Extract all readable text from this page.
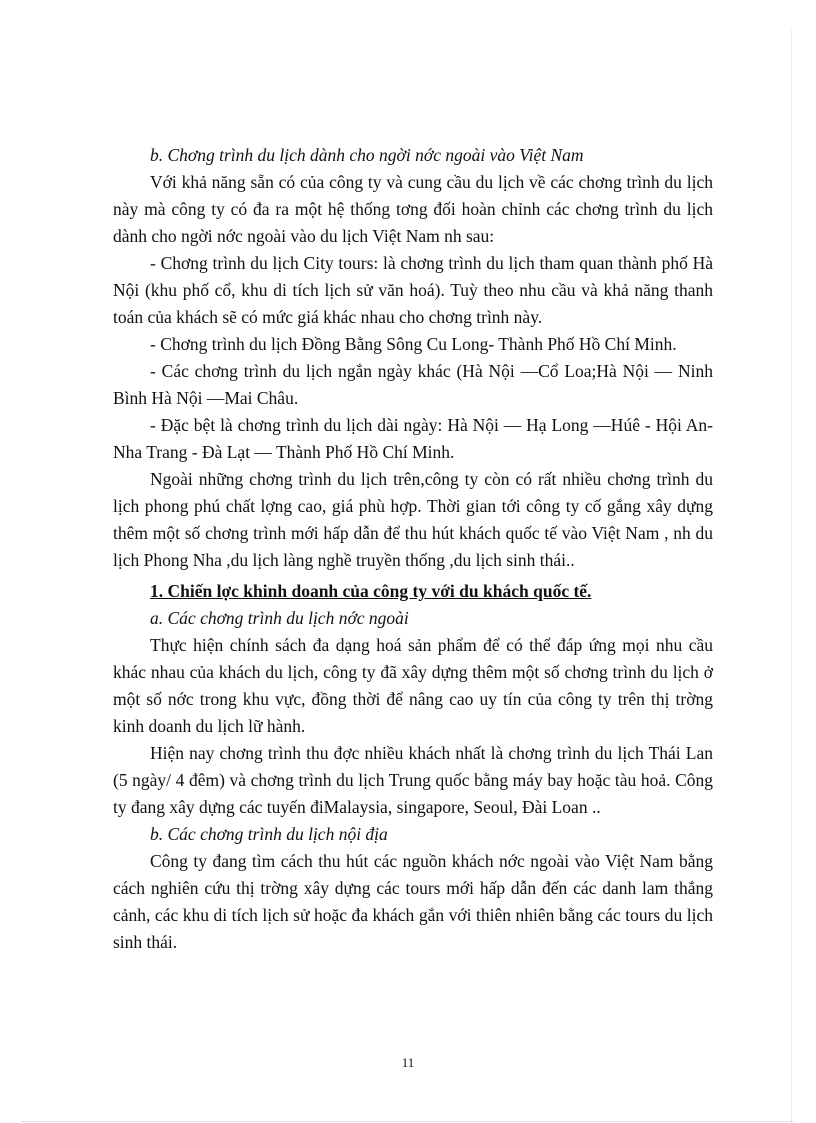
b. Chơng trình du lịch dành cho ngời nớc ngoài vào Việt Nam

Với khả năng sẵn có của công ty và cung cầu du lịch về các chơng trình du lịch này mà công ty có đa ra một hệ thống tơng đối hoàn chỉnh các chơng trình du lịch dành cho ngời nớc ngoài vào du lịch Việt Nam nh sau:

- Chơng trình du lịch City tours: là chơng trình du lịch tham quan thành phố Hà Nội (khu phố cổ, khu di tích lịch sử văn hoá). Tuỳ theo nhu cầu và khả năng thanh toán của khách sẽ có mức giá khác nhau cho chơng trình này.

- Chơng trình du lịch Đồng Bằng Sông Cu Long- Thành Phố Hồ Chí Minh.

- Các chơng trình du lịch ngắn ngày khác (Hà Nội —Cổ Loa;Hà Nội — Ninh Bình Hà Nội —Mai Châu.

- Đặc bệt là chơng trình du lịch dài ngày: Hà Nội — Hạ Long —Húê - Hội An-Nha Trang - Đà Lạt — Thành Phố Hồ Chí Minh.

Ngoài những chơng trình du lịch trên,công ty còn có rất nhiều chơng trình du lịch phong phú chất lợng cao, giá phù hợp. Thời gian tới công ty cố gắng xây dựng thêm một số chơng trình mới hấp dẫn để thu hút khách quốc tế vào Việt Nam , nh du lịch Phong Nha ,du lịch làng nghề truyền thống ,du lịch sinh thái..

1. Chiến lợc khinh doanh của công ty với du khách quốc tế.

a. Các chơng trình du lịch nớc ngoài

Thực hiện chính sách đa dạng hoá sản phẩm để có thể đáp ứng mọi nhu cầu khác nhau của khách du lịch, công ty đã xây dựng thêm một số chơng trình du lịch ở một số nớc trong khu vực, đồng thời để nâng cao uy tín của công ty trên thị trờng kinh doanh du lịch lữ hành.

Hiện nay chơng trình thu đợc nhiều khách nhất là chơng trình du lịch Thái Lan (5 ngày/ 4 đêm) và chơng trình du lịch Trung quốc bằng máy bay hoặc tàu hoả. Công ty đang xây dựng các tuyến điMalaysia, singapore, Seoul, Đài Loan ..

b. Các chơng trình du lịch nội địa

Công ty đang tìm cách thu hút các nguồn khách nớc ngoài vào Việt Nam bằng cách nghiên cứu thị trờng xây dựng các tours mới hấp dẫn đến các danh lam thắng cảnh, các khu di tích lịch sử hoặc đa khách gắn với thiên nhiên bằng các tours du lịch sinh thái.

11
